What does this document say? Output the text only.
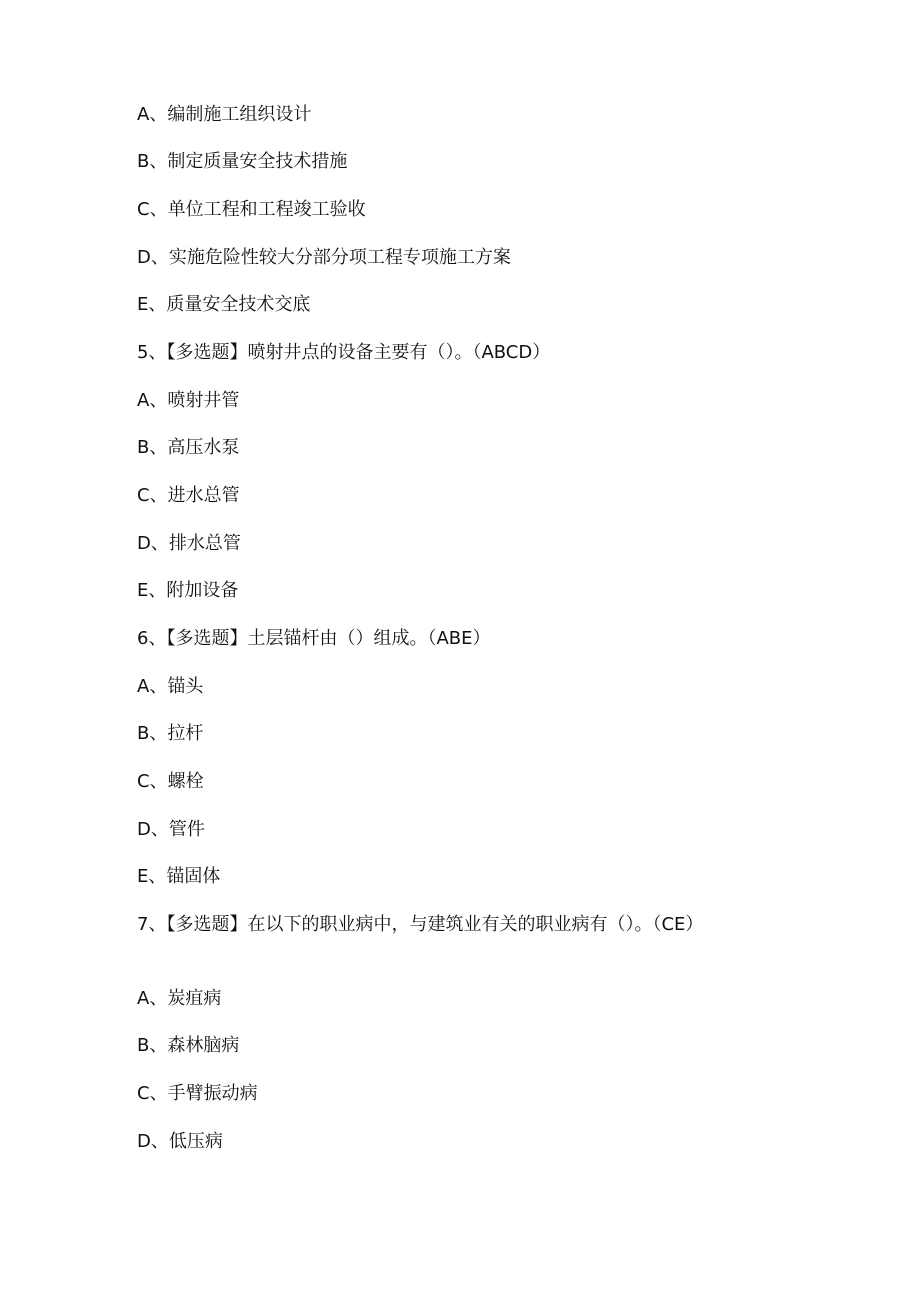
A、编制施工组织设计
B、制定质量安全技术措施
C、单位工程和工程竣工验收
D、实施危险性较大分部分项工程专项施工方案
E、质量安全技术交底
5、【多选题】喷射井点的设备主要有（）。（ABCD）
A、喷射井管
B、高压水泵
C、进水总管
D、排水总管
E、附加设备
6、【多选题】土层锚杆由（）组成。（ABE）
A、锚头
B、拉杆
C、螺栓
D、管件
E、锚固体
7、【多选题】在以下的职业病中，与建筑业有关的职业病有（）。（CE）
A、炭疽病
B、森林脑病
C、手臂振动病
D、低压病
